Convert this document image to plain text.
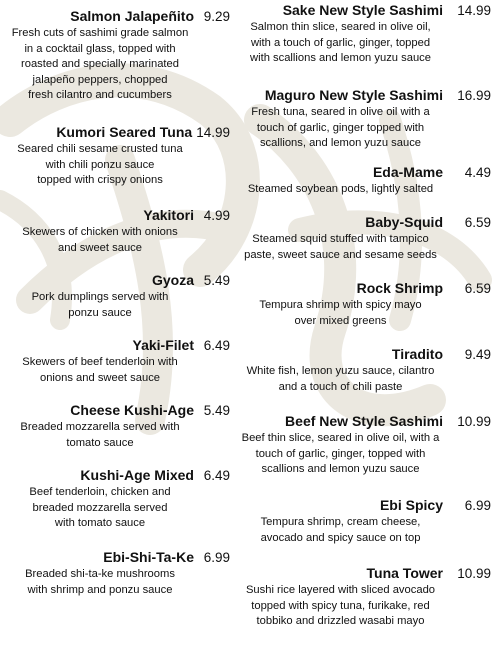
Salmon Jalapeñito 9.29
Fresh cuts of sashimi grade salmon
in a cocktail glass, topped with
roasted and specially marinated
jalapeño peppers, chopped
fresh cilantro and cucumbers
Kumori Seared Tuna 14.99
Seared chili sesame crusted tuna
with chili ponzu sauce
topped with crispy onions
Yakitori 4.99
Skewers of chicken with onions
and sweet sauce
Gyoza 5.49
Pork dumplings served with
ponzu sauce
Yaki-Filet 6.49
Skewers of beef tenderloin with
onions and sweet sauce
Cheese Kushi-Age 5.49
Breaded mozzarella served with
tomato sauce
Kushi-Age Mixed 6.49
Beef tenderloin, chicken and
breaded mozzarella served
with tomato sauce
Ebi-Shi-Ta-Ke 6.99
Breaded shi-ta-ke mushrooms
with shrimp and ponzu sauce
Sake New Style Sashimi	14.99
Salmon thin slice, seared in olive oil,
with a touch of garlic, ginger, topped
with scallions and lemon yuzu sauce
Maguro New Style Sashimi	16.99
Fresh tuna, seared in olive oil with a
touch of garlic, ginger topped with
scallions, and lemon yuzu sauce
Eda-Mame	4.49
Steamed soybean pods, lightly salted
Baby-Squid	6.59
Steamed squid stuffed with tampico
paste, sweet sauce and sesame seeds
Rock Shrimp	6.59
Tempura shrimp with spicy mayo
over mixed greens
Tiradito	9.49
White fish, lemon yuzu sauce, cilantro
and a touch of chili paste
Beef New Style Sashimi	10.99
Beef thin slice, seared in olive oil, with a
touch of garlic, ginger, topped with
scallions and lemon yuzu sauce
Ebi Spicy	6.99
Tempura shrimp, cream cheese,
avocado and spicy sauce on top
Tuna Tower	10.99
Sushi rice layered with sliced avocado
topped with spicy tuna, furikake, red
tobbiko and drizzled wasabi mayo
